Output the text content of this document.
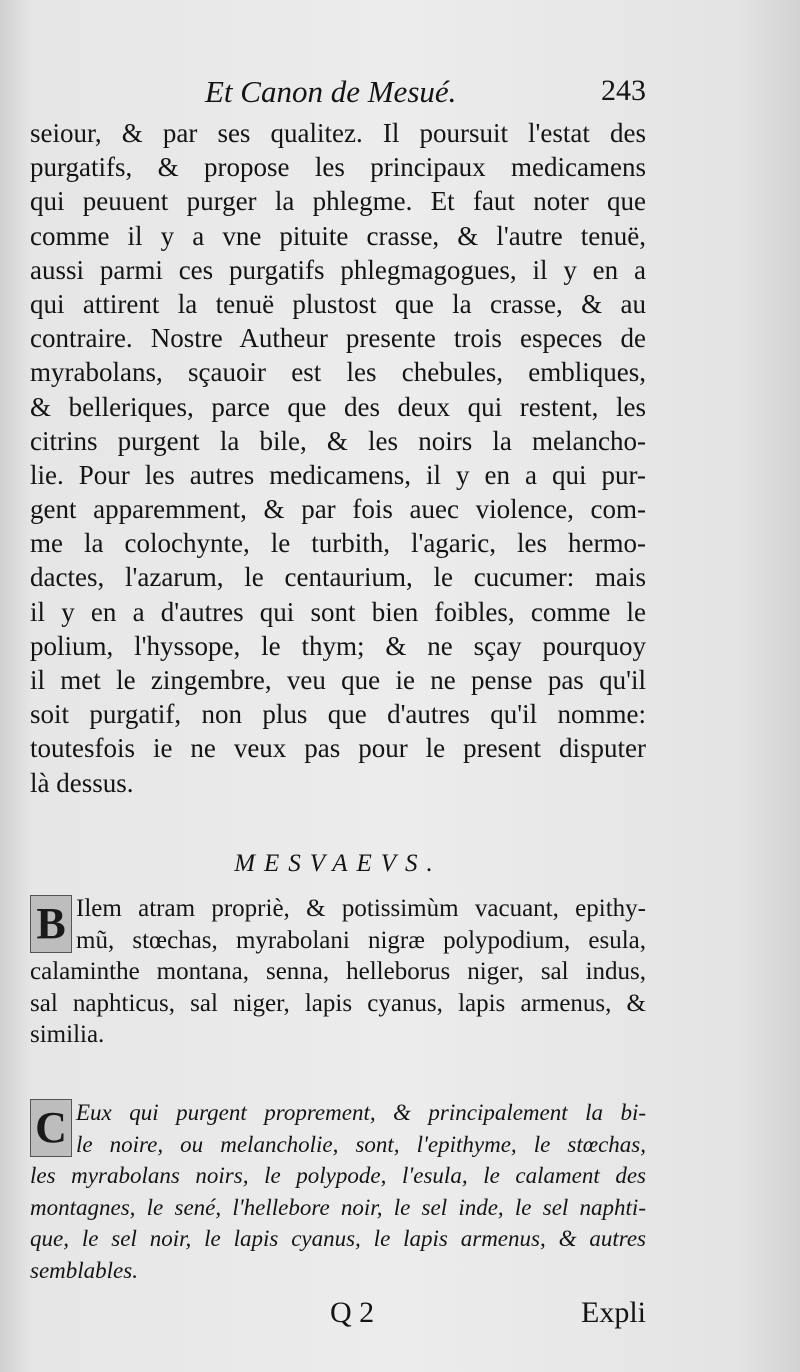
Et Canon de Mesué.	243
seiour, & par ses qualitez. Il poursuit l'estat des
purgatifs, & propose les principaux medicamens
qui peuuent purger la phlegme. Et faut noter que
comme il y a vne pituite crasse, & l'autre tenuë,
aussi parmi ces purgatifs phlegmagogues, il y en a
qui attirent la tenuë plustost que la crasse, & au
contraire. Nostre Autheur presente trois especes de
myrabolans, sçauoir est les chebules, embliques,
& belleriques, parce que des deux qui restent, les
citrins purgent la bile, & les noirs la melancho-
lie. Pour les autres medicamens, il y en a qui pur-
gent apparemment, & par fois auec violence, com-
me la colochynte, le turbith, l'agaric, les hermo-
dactes, l'azarum, le centaurium, le cucumer: mais
il y en a d'autres qui sont bien foibles, comme le
polium, l'hyssope, le thym; & ne sçay pourquoy
il met le zingembre, veu que ie ne pense pas qu'il
soit purgatif, non plus que d'autres qu'il nomme:
toutesfois ie ne veux pas pour le present disputer
là dessus.
MESVAEVS.
B Ilem atram propriè, & potissimùm vacuant, epithy-
mũ, stœchas, myrabolani nigræ polypodium, esula,
calaminthe montana, senna, helleborus niger, sal indus,
sal naphticus, sal niger, lapis cyanus, lapis armenus, &
similia.
C Eux qui purgent proprement, & principalement la bi-
le noire, ou melancholie, sont, l'epithyme, le stœchas,
les myrabolans noirs, le polypode, l'esula, le calament des
montagnes, le sené, l'hellebore noir, le sel inde, le sel naphti-
que, le sel noir, le lapis cyanus, le lapis armenus, & autres
semblables.
Q 2	Expli
